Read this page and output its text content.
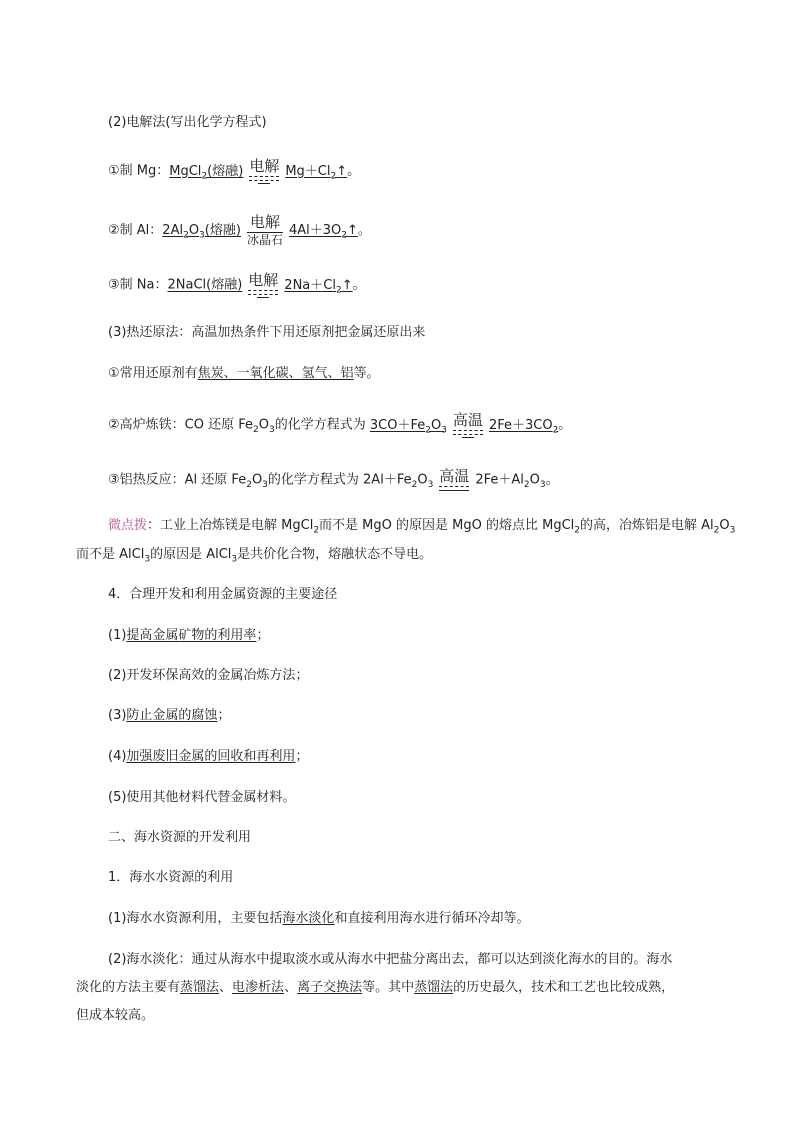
(2)电解法(写出化学方程式)
①制 Mg：MgCl$_2$(熔融) 电解 $Mg+Cl_2↑$。
②制 Al：$2Al_2O_3$(熔融) 电解
冰晶石
$4Al+3O_2↑$。
③制 Na：2NaCl(熔融) 电解 $2Na+Cl_2↑$。
(3)热还原法：高温加热条件下用还原剂把金属还原出来
①常用还原剂有焦炭、一氧化碳、氢气、铝等。
②高炉炼铁：CO 还原 $Fe_2O_3$的化学方程式为 $3CO+Fe_2O_3$
高温 $2Fe+3CO_2$。
③铝热反应：Al 还原 $Fe_2O_3$的化学方程式为 $2Al+Fe_2O_3$
高温 $2Fe+Al_2O_3$。
微点拨：工业上冶炼镁是电解 MgCl$_2$而不是 MgO 的原因是 MgO 的熔点比 MgCl$_2$的高，冶炼铝是电解 $Al_2O_3$
而不是 AlCl$_3$的原因是 AlCl$_3$是共价化合物，熔融状态不导电。
4．合理开发和利用金属资源的主要途径
(1)提高金属矿物的利用率；
(2)开发环保高效的金属冶炼方法；
(3)防止金属的腐蚀；
(4)加强废旧金属的回收和再利用；
(5)使用其他材料代替金属材料。
二、海水资源的开发利用
1．海水水资源的利用
(1)海水水资源利用，主要包括海水淡化和直接利用海水进行循环冷却等。
(2)海水淡化：通过从海水中提取淡水或从海水中把盐分离出去，都可以达到淡化海水的目的。海水
淡化的方法主要有蒸馏法、电渗析法、离子交换法等。其中蒸馏法的历史最久，技术和工艺也比较成熟，
但成本较高。
